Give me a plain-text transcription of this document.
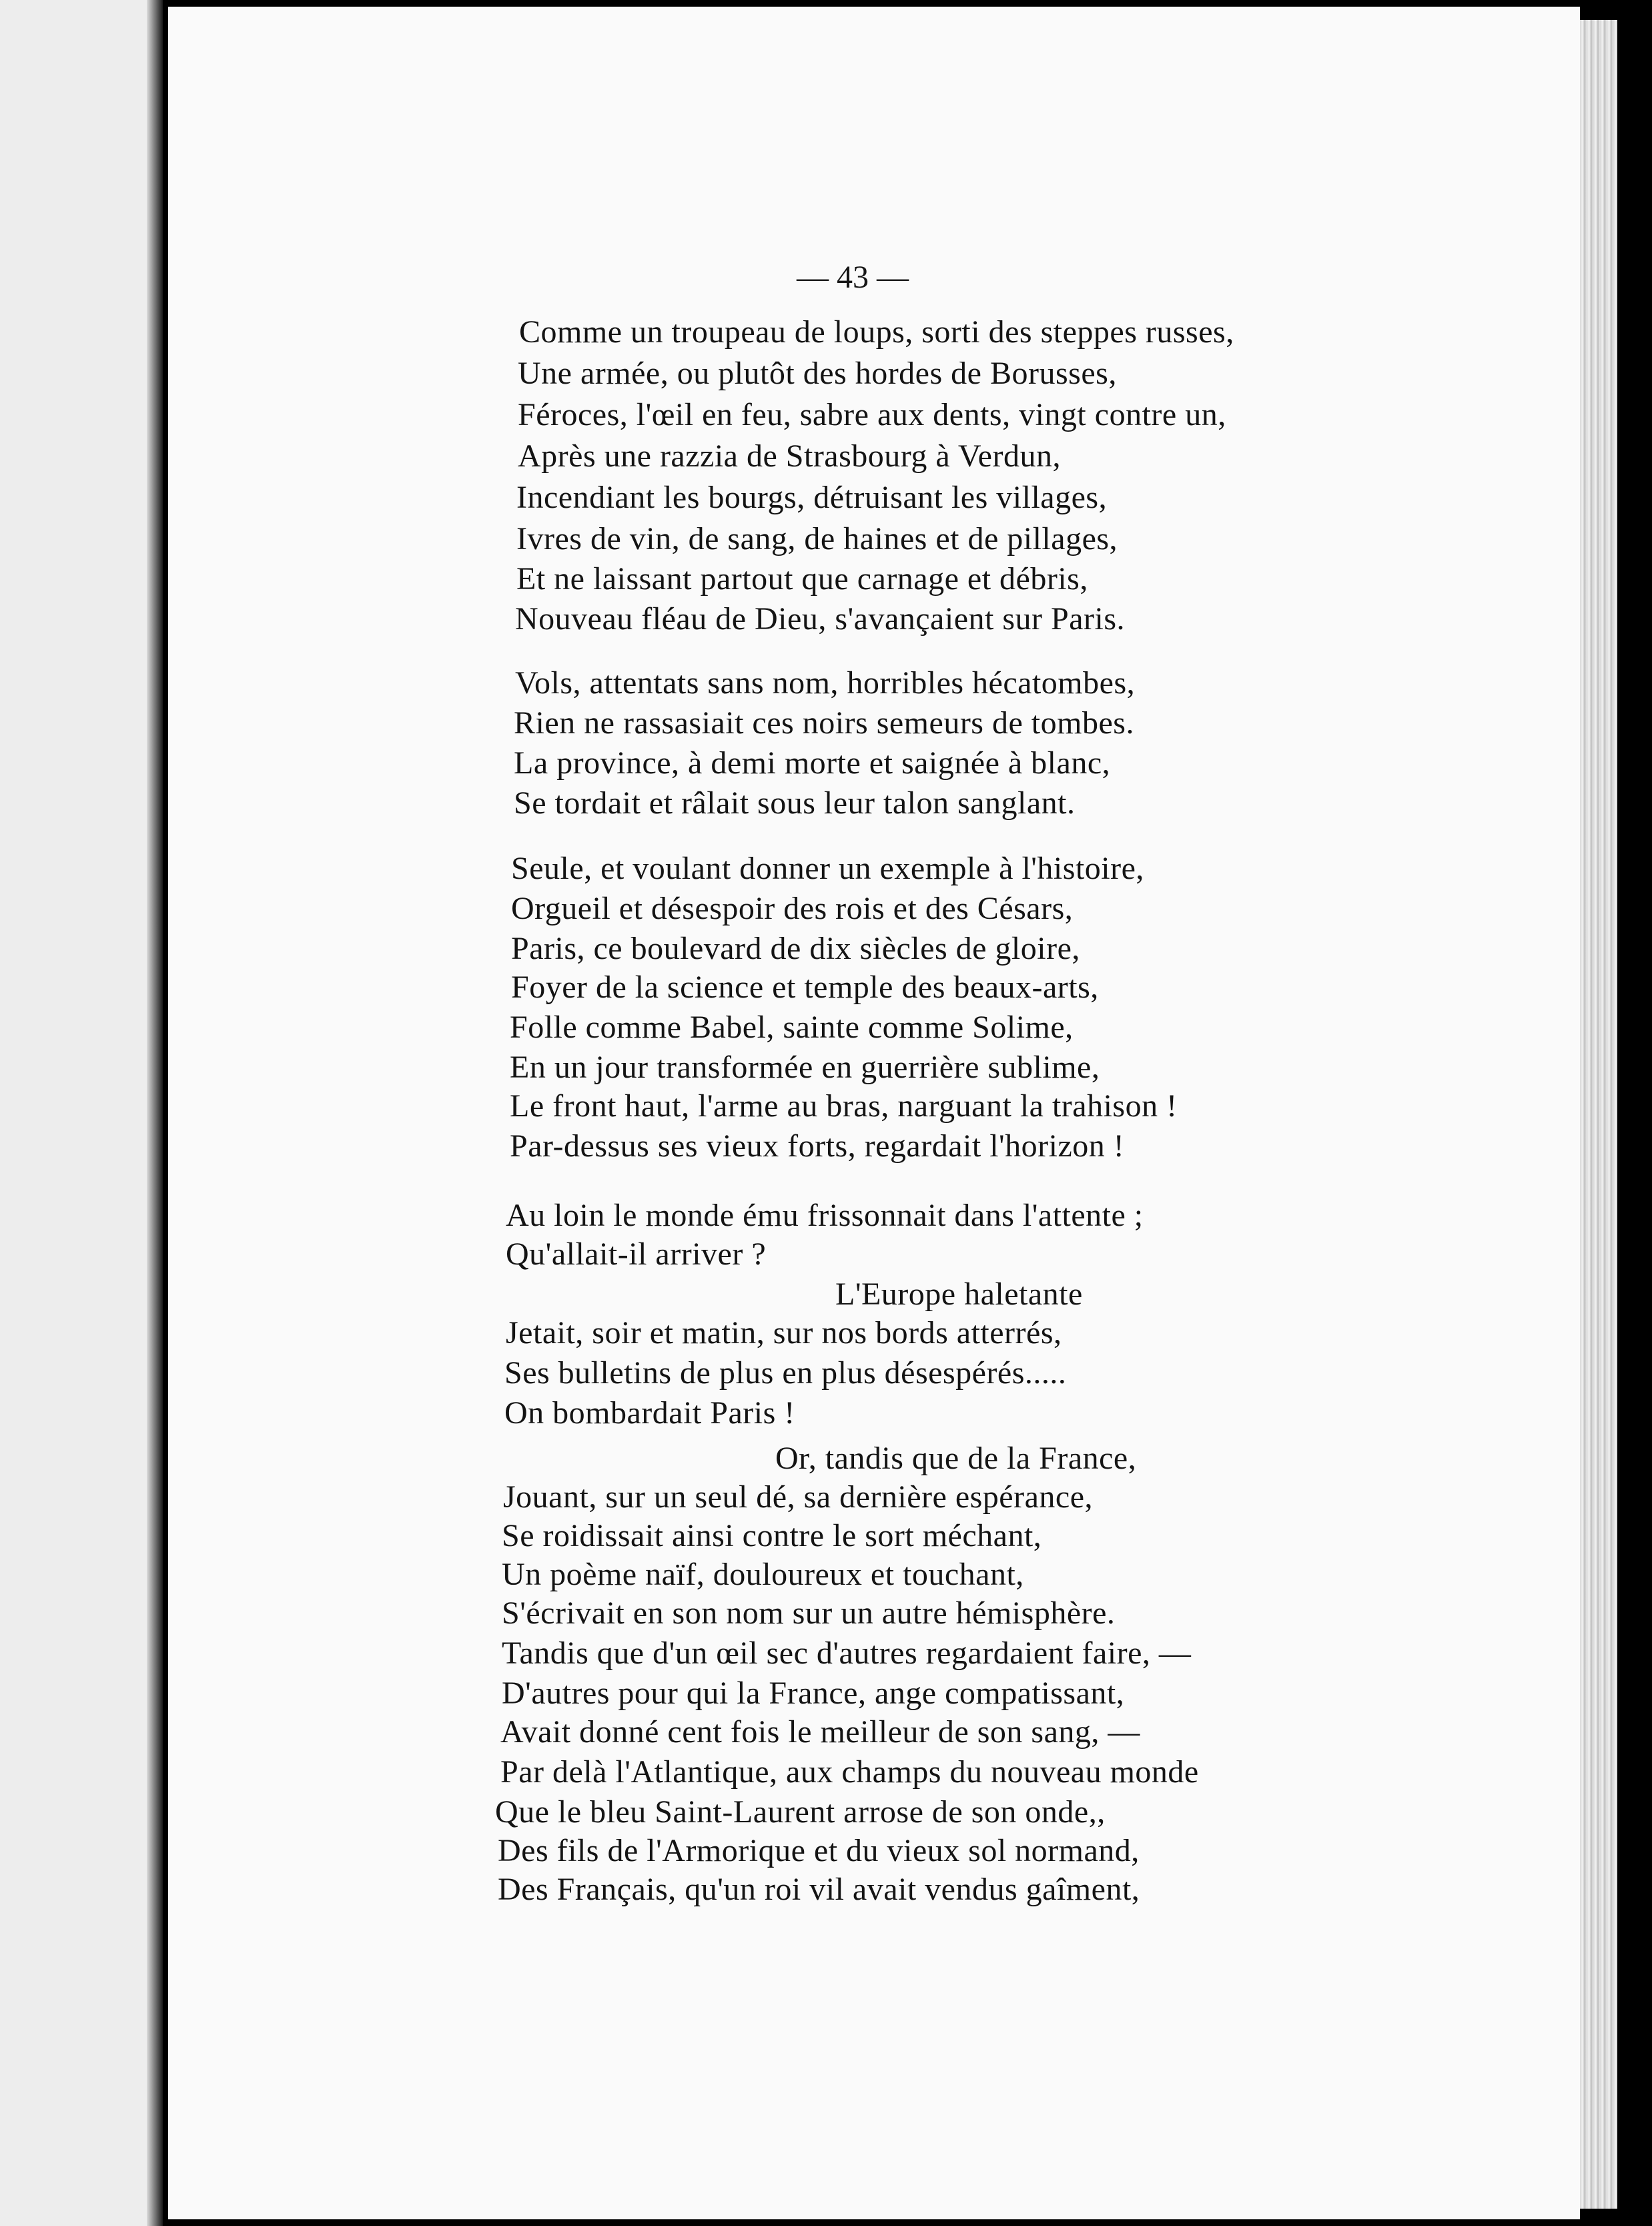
— 43 —
Comme un troupeau de loups, sorti des steppes russes,
Une armée, ou plutôt des hordes de Borusses,
Féroces, l'œil en feu, sabre aux dents, vingt contre un,
Après une razzia de Strasbourg à Verdun,
Incendiant les bourgs, détruisant les villages,
Ivres de vin, de sang, de haines et de pillages,
Et ne laissant partout que carnage et débris,
Nouveau fléau de Dieu, s'avançaient sur Paris.
Vols, attentats sans nom, horribles hécatombes,
Rien ne rassasiait ces noirs semeurs de tombes.
La province, à demi morte et saignée à blanc,
Se tordait et râlait sous leur talon sanglant.
Seule, et voulant donner un exemple à l'histoire,
Orgueil et désespoir des rois et des Césars,
Paris, ce boulevard de dix siècles de gloire,
Foyer de la science et temple des beaux-arts,
Folle comme Babel, sainte comme Solime,
En un jour transformée en guerrière sublime,
Le front haut, l'arme au bras, narguant la trahison !
Par-dessus ses vieux forts, regardait l'horizon !
Au loin le monde ému frissonnait dans l'attente ;
Qu'allait-il arriver ?
L'Europe haletante
Jetait, soir et matin, sur nos bords atterrés,
Ses bulletins de plus en plus désespérés.....
On bombardait Paris !
Or, tandis que de la France,
Jouant, sur un seul dé, sa dernière espérance,
Se roidissait ainsi contre le sort méchant,
Un poème naïf, douloureux et touchant,
S'écrivait en son nom sur un autre hémisphère.
Tandis que d'un œil sec d'autres regardaient faire, —
D'autres pour qui la France, ange compatissant,
Avait donné cent fois le meilleur de son sang, —
Par delà l'Atlantique, aux champs du nouveau monde
Que le bleu Saint-Laurent arrose de son onde,,
Des fils de l'Armorique et du vieux sol normand,
Des Français, qu'un roi vil avait vendus gaîment,
